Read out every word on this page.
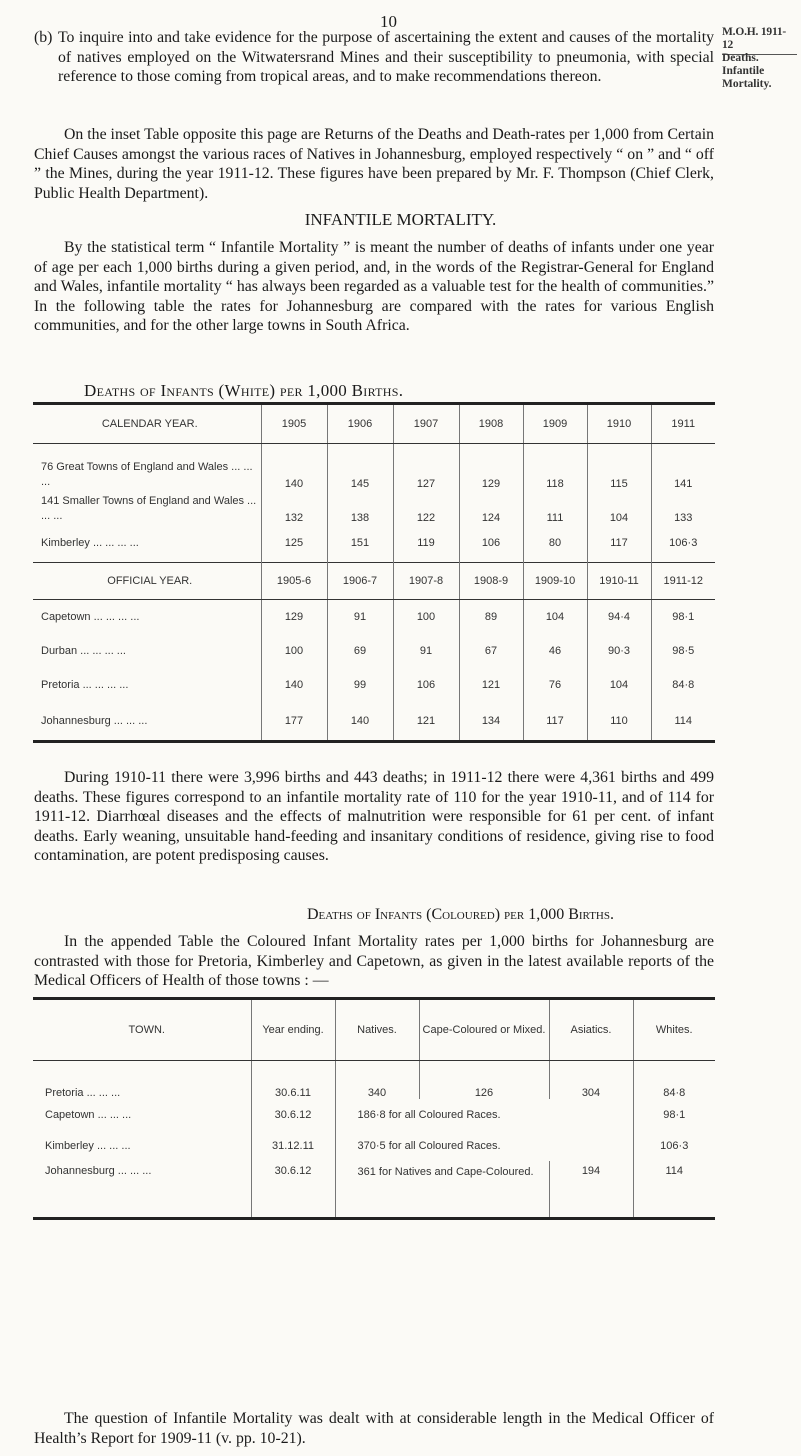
10
M.O.H. 1911-12
Deaths.
Infantile
Mortality.
(b) To inquire into and take evidence for the purpose of ascertaining the extent and causes of the mortality of natives employed on the Witwatersrand Mines and their susceptibility to pneumonia, with special reference to those coming from tropical areas, and to make recommendations thereon.

On the inset Table opposite this page are Returns of the Deaths and Death-rates per 1,000 from Certain Chief Causes amongst the various races of Natives in Johannesburg, employed respectively “ on ” and “ off ” the Mines, during the year 1911-12. These figures have been prepared by Mr. F. Thompson (Chief Clerk, Public Health Department).

INFANTILE MORTALITY.

By the statistical term “ Infantile Mortality ” is meant the number of deaths of infants under one year of age per each 1,000 births during a given period, and, in the words of the Registrar-General for England and Wales, infantile mortality “ has always been regarded as a valuable test for the health of communities.” In the following table the rates for Johannesburg are compared with the rates for various English communities, and for the other large towns in South Africa.

Deaths of Infants (White) per 1,000 Births.
CALENDAR YEAR.	1905	1906	1907	1908	1909	1910	1911
76 Great Towns of England and Wales ... ... ...	140	145	127	129	118	115	141
141 Smaller Towns of England and Wales ... ... ...	132	138	122	124	111	104	133
Kimberley ... ... ... ...	125	151	119	106	80	117	106·3
OFFICIAL YEAR.	1905-6	1906-7	1907-8	1908-9	1909-10	1910-11	1911-12
Capetown ... ... ... ...	129	91	100	89	104	94·4	98·1
Durban ... ... ... ...	100	69	91	67	46	90·3	98·5
Pretoria ... ... ... ...	140	99	106	121	76	104	84·8
Johannesburg ... ... ...	177	140	121	134	117	110	114

During 1910-11 there were 3,996 births and 443 deaths; in 1911-12 there were 4,361 births and 499 deaths. These figures correspond to an infantile mortality rate of 110 for the year 1910-11, and of 114 for 1911-12. Diarrhœal diseases and the effects of malnutrition were responsible for 61 per cent. of infant deaths. Early weaning, unsuitable hand-feeding and insanitary conditions of residence, giving rise to food contamination, are potent predisposing causes.

Deaths of Infants (Coloured) per 1,000 Births.

In the appended Table the Coloured Infant Mortality rates per 1,000 births for Johannesburg are contrasted with those for Pretoria, Kimberley and Capetown, as given in the latest available reports of the Medical Officers of Health of those towns : —

TOWN.	Year ending.	Natives.	Cape-Coloured or Mixed.	Asiatics.	Whites.
Pretoria ... ... ...	30.6.11	340	126	304	84·8
Capetown ... ... ...	30.6.12	186·8 for all Coloured Races.			98·1
Kimberley ... ... ...	31.12.11	370·5 for all Coloured Races.			106·3
Johannesburg ... ... ...	30.6.12	361 for Natives and Cape-Coloured.		194	114

The question of Infantile Mortality was dealt with at considerable length in the Medical Officer of Health’s Report for 1909-11 (v. pp. 10-21).
